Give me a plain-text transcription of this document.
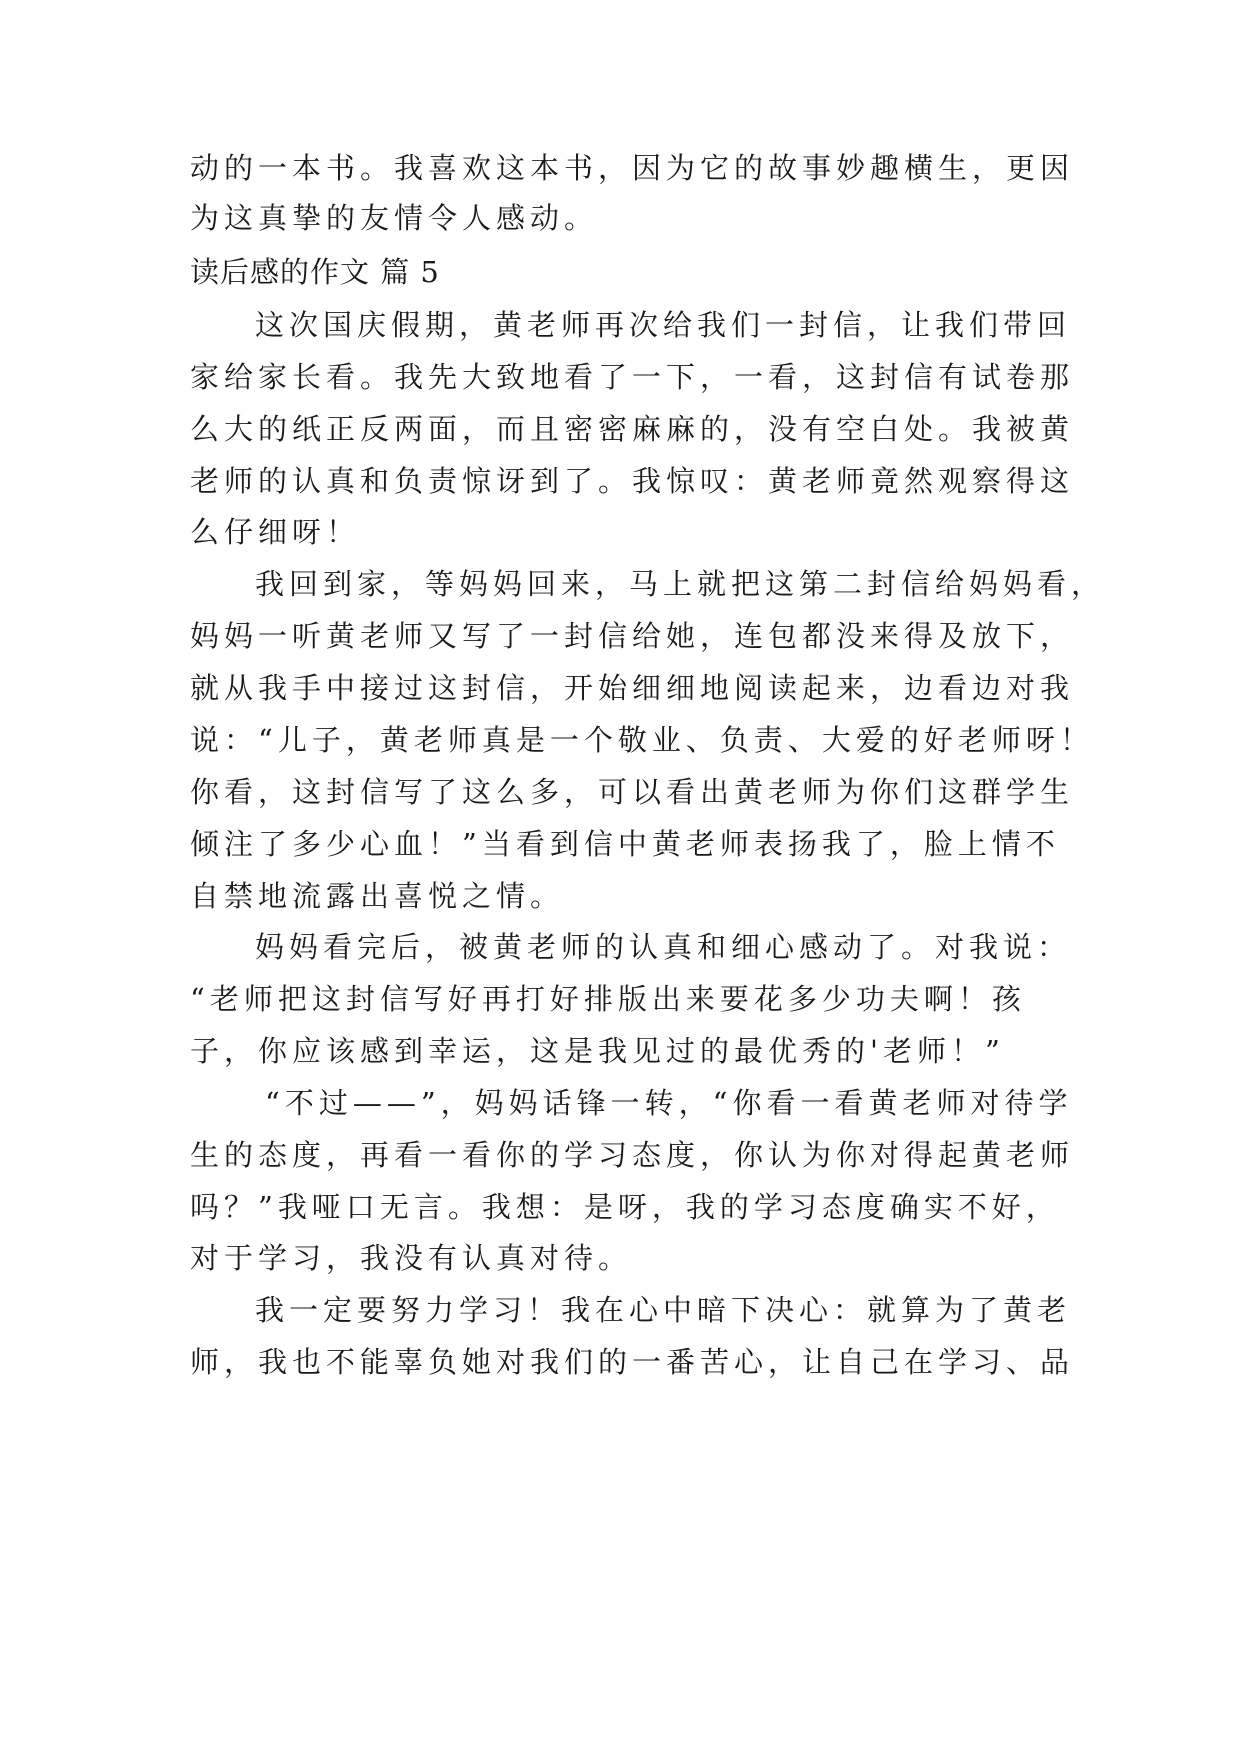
动的一本书。我喜欢这本书，因为它的故事妙趣横生，更因
为这真挚的友情令人感动。
读后感的作文 篇 5
这次国庆假期，黄老师再次给我们一封信，让我们带回
家给家长看。我先大致地看了一下，一看，这封信有试卷那
么大的纸正反两面，而且密密麻麻的，没有空白处。我被黄
老师的认真和负责惊讶到了。我惊叹：黄老师竟然观察得这
么仔细呀！
我回到家，等妈妈回来，马上就把这第二封信给妈妈看，
妈妈一听黄老师又写了一封信给她，连包都没来得及放下，
就从我手中接过这封信，开始细细地阅读起来，边看边对我
说：“儿子，黄老师真是一个敬业、负责、大爱的好老师呀！
你看，这封信写了这么多，可以看出黄老师为你们这群学生
倾注了多少心血！”当看到信中黄老师表扬我了，脸上情不
自禁地流露出喜悦之情。
妈妈看完后，被黄老师的认真和细心感动了。对我说：
“老师把这封信写好再打好排版出来要花多少功夫啊！孩
子，你应该感到幸运，这是我见过的最优秀的'老师！”
“不过——”，妈妈话锋一转，“你看一看黄老师对待学
生的态度，再看一看你的学习态度，你认为你对得起黄老师
吗？”我哑口无言。我想：是呀，我的学习态度确实不好，
对于学习，我没有认真对待。
我一定要努力学习！我在心中暗下决心：就算为了黄老
师，我也不能辜负她对我们的一番苦心，让自己在学习、品
